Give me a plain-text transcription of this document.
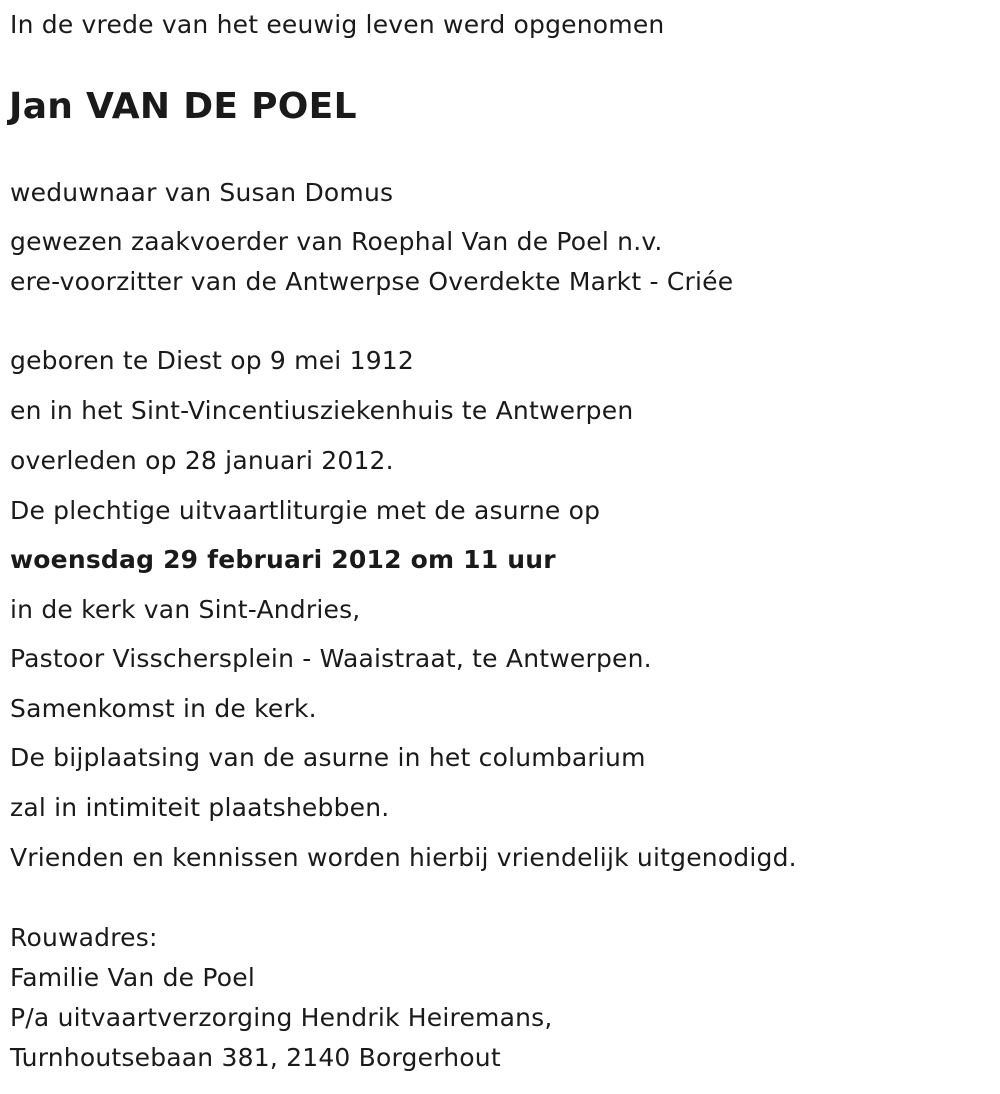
In de vrede van het eeuwig leven werd opgenomen
Jan VAN DE POEL
weduwnaar van Susan Domus
gewezen zaakvoerder van Roephal Van de Poel n.v.
ere-voorzitter van de Antwerpse Overdekte Markt - Criée
geboren te Diest op 9 mei 1912
en in het Sint-Vincentiusziekenhuis te Antwerpen
overleden op 28 januari 2012.
De plechtige uitvaartliturgie met de asurne op
woensdag 29 februari 2012 om 11 uur
in de kerk van Sint-Andries,
Pastoor Visschersplein - Waaistraat, te Antwerpen.
Samenkomst in de kerk.
De bijplaatsing van de asurne in het columbarium
zal in intimiteit plaatshebben.
Vrienden en kennissen worden hierbij vriendelijk uitgenodigd.
Rouwadres:
Familie Van de Poel
P/a uitvaartverzorging Hendrik Heiremans,
Turnhoutsebaan 381, 2140 Borgerhout
